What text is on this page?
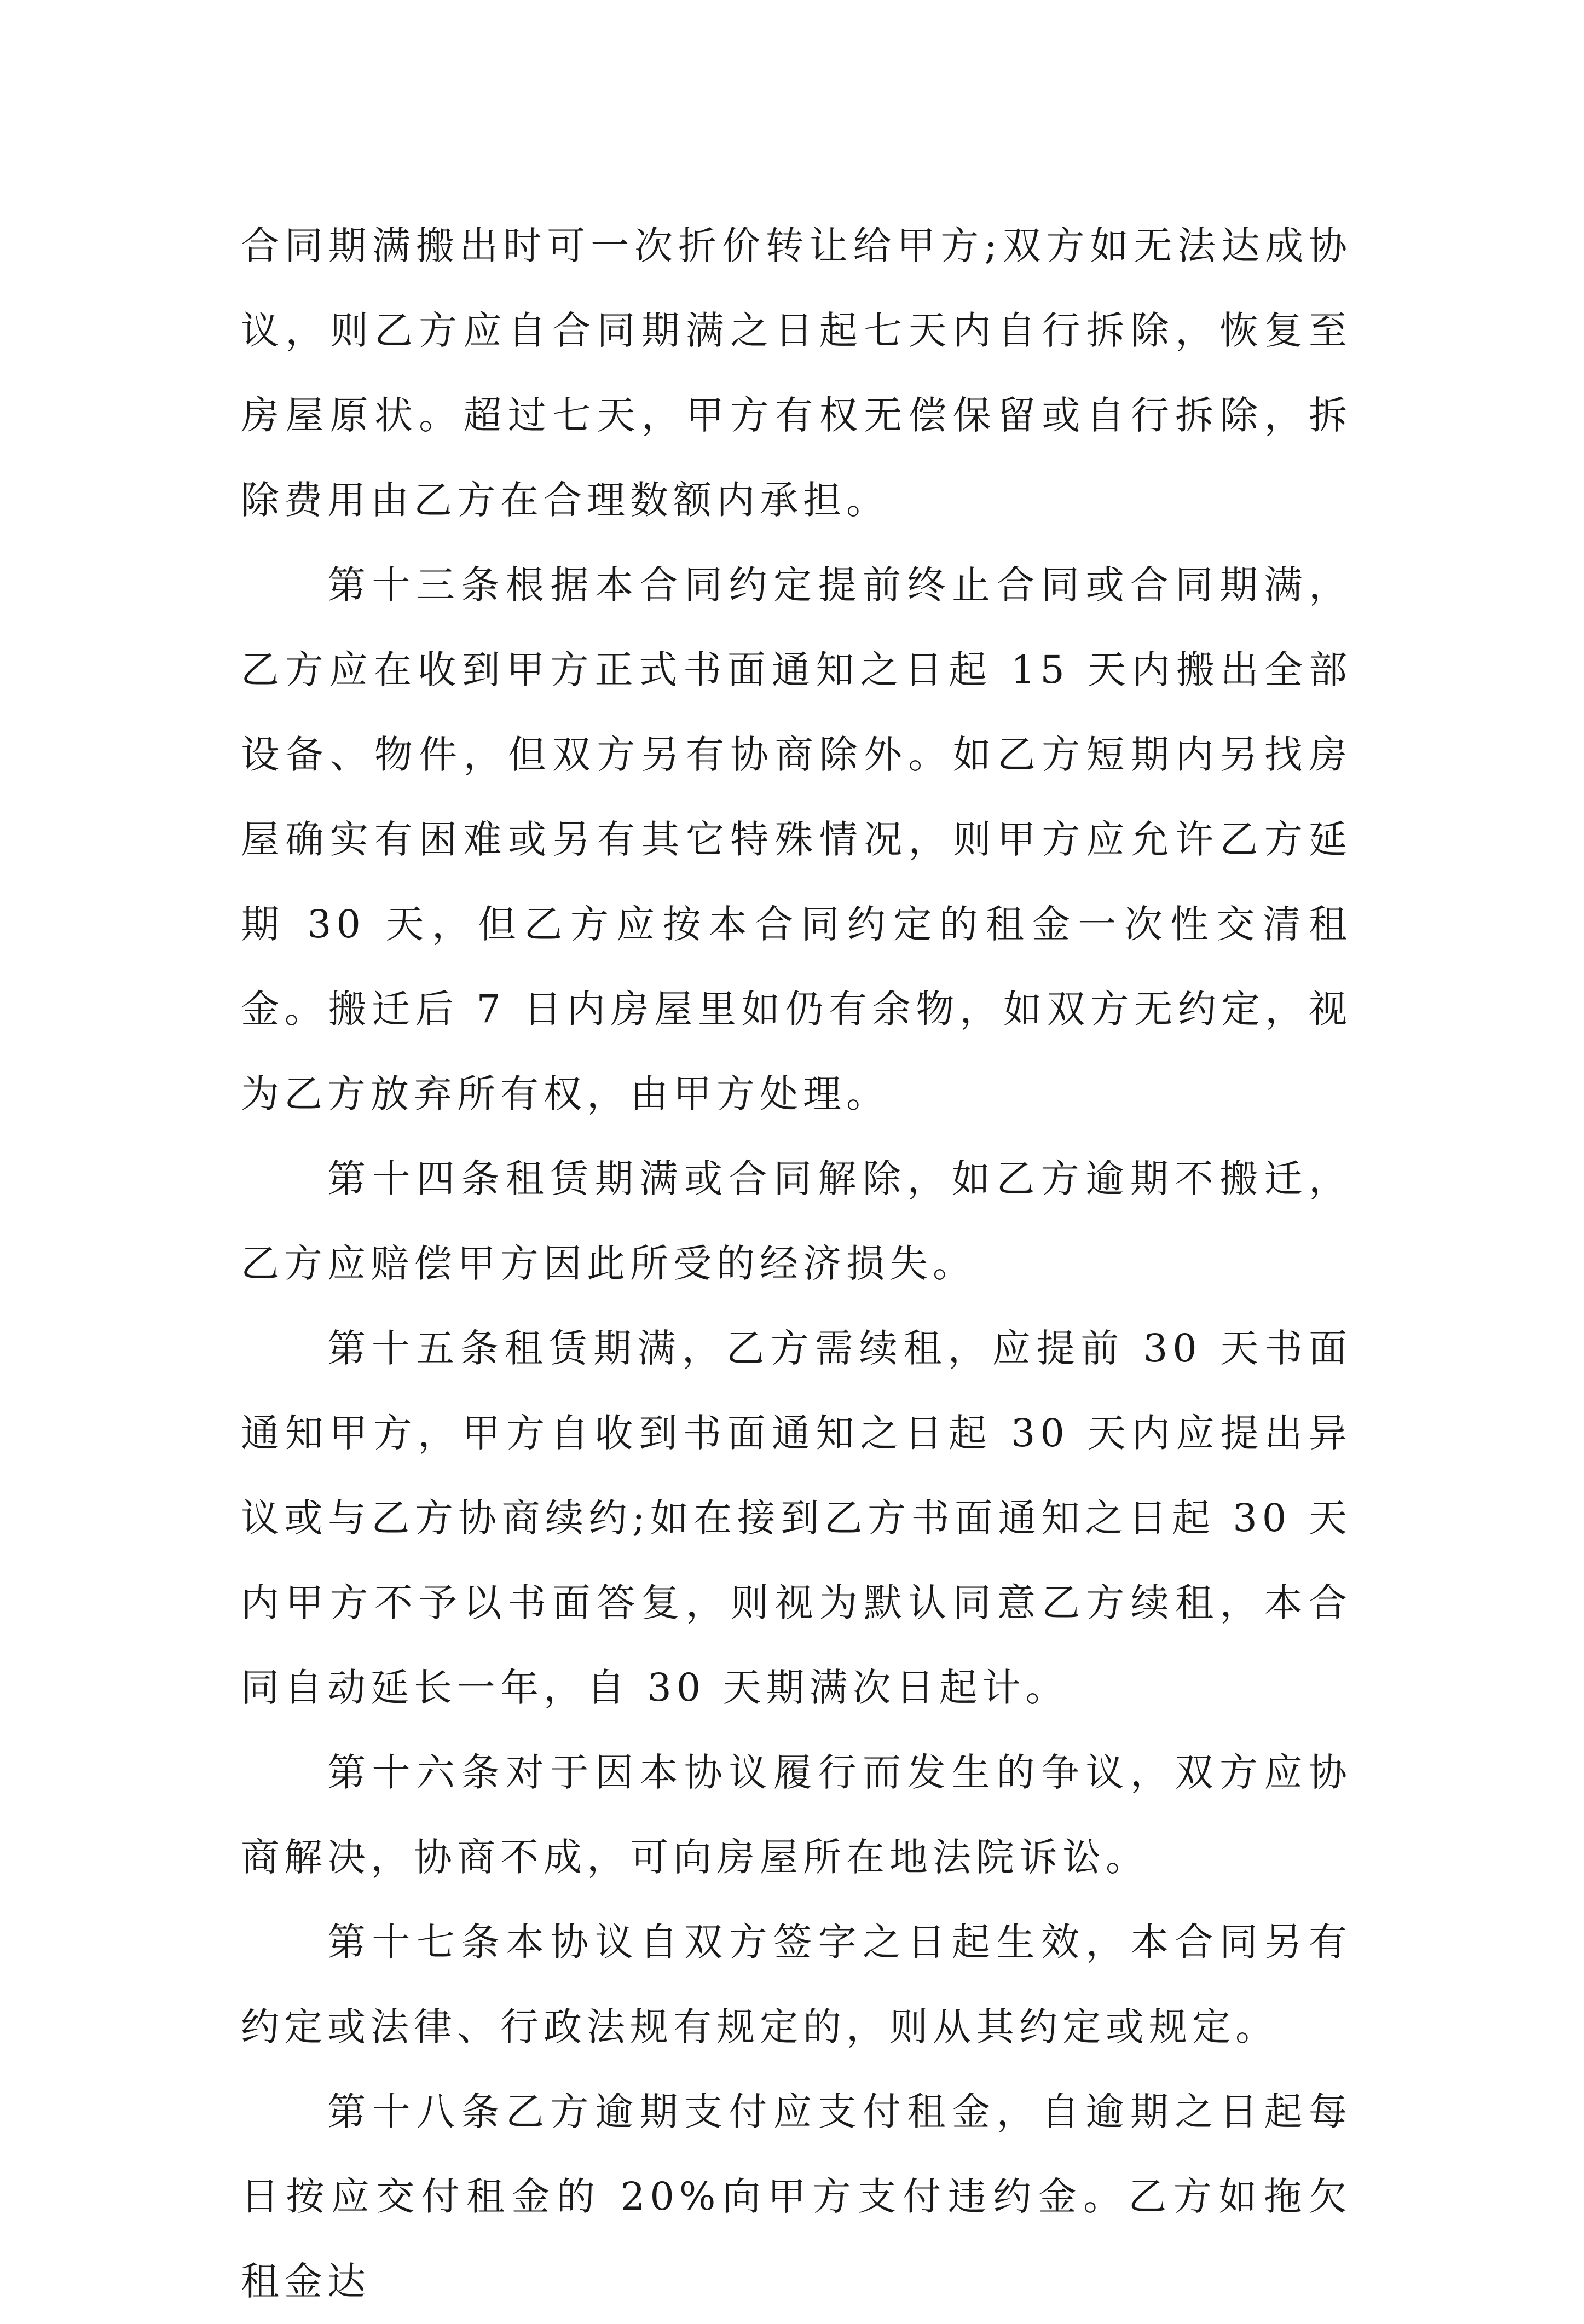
合同期满搬出时可一次折价转让给甲方;双方如无法达成协议，则乙方应自合同期满之日起七天内自行拆除，恢复至房屋原状。超过七天，甲方有权无偿保留或自行拆除，拆除费用由乙方在合理数额内承担。

第十三条根据本合同约定提前终止合同或合同期满，乙方应在收到甲方正式书面通知之日起 15 天内搬出全部设备、物件，但双方另有协商除外。如乙方短期内另找房屋确实有困难或另有其它特殊情况，则甲方应允许乙方延期 30 天，但乙方应按本合同约定的租金一次性交清租金。搬迁后 7 日内房屋里如仍有余物，如双方无约定，视为乙方放弃所有权，由甲方处理。

第十四条租赁期满或合同解除，如乙方逾期不搬迁，乙方应赔偿甲方因此所受的经济损失。

第十五条租赁期满，乙方需续租，应提前 30 天书面通知甲方，甲方自收到书面通知之日起 30 天内应提出异议或与乙方协商续约;如在接到乙方书面通知之日起 30 天内甲方不予以书面答复，则视为默认同意乙方续租，本合同自动延长一年，自 30 天期满次日起计。

第十六条对于因本协议履行而发生的争议，双方应协商解决，协商不成，可向房屋所在地法院诉讼。

第十七条本协议自双方签字之日起生效，本合同另有约定或法律、行政法规有规定的，则从其约定或规定。

第十八条乙方逾期支付应支付租金，自逾期之日起每日按应交付租金的 20%向甲方支付违约金。乙方如拖欠租金达
